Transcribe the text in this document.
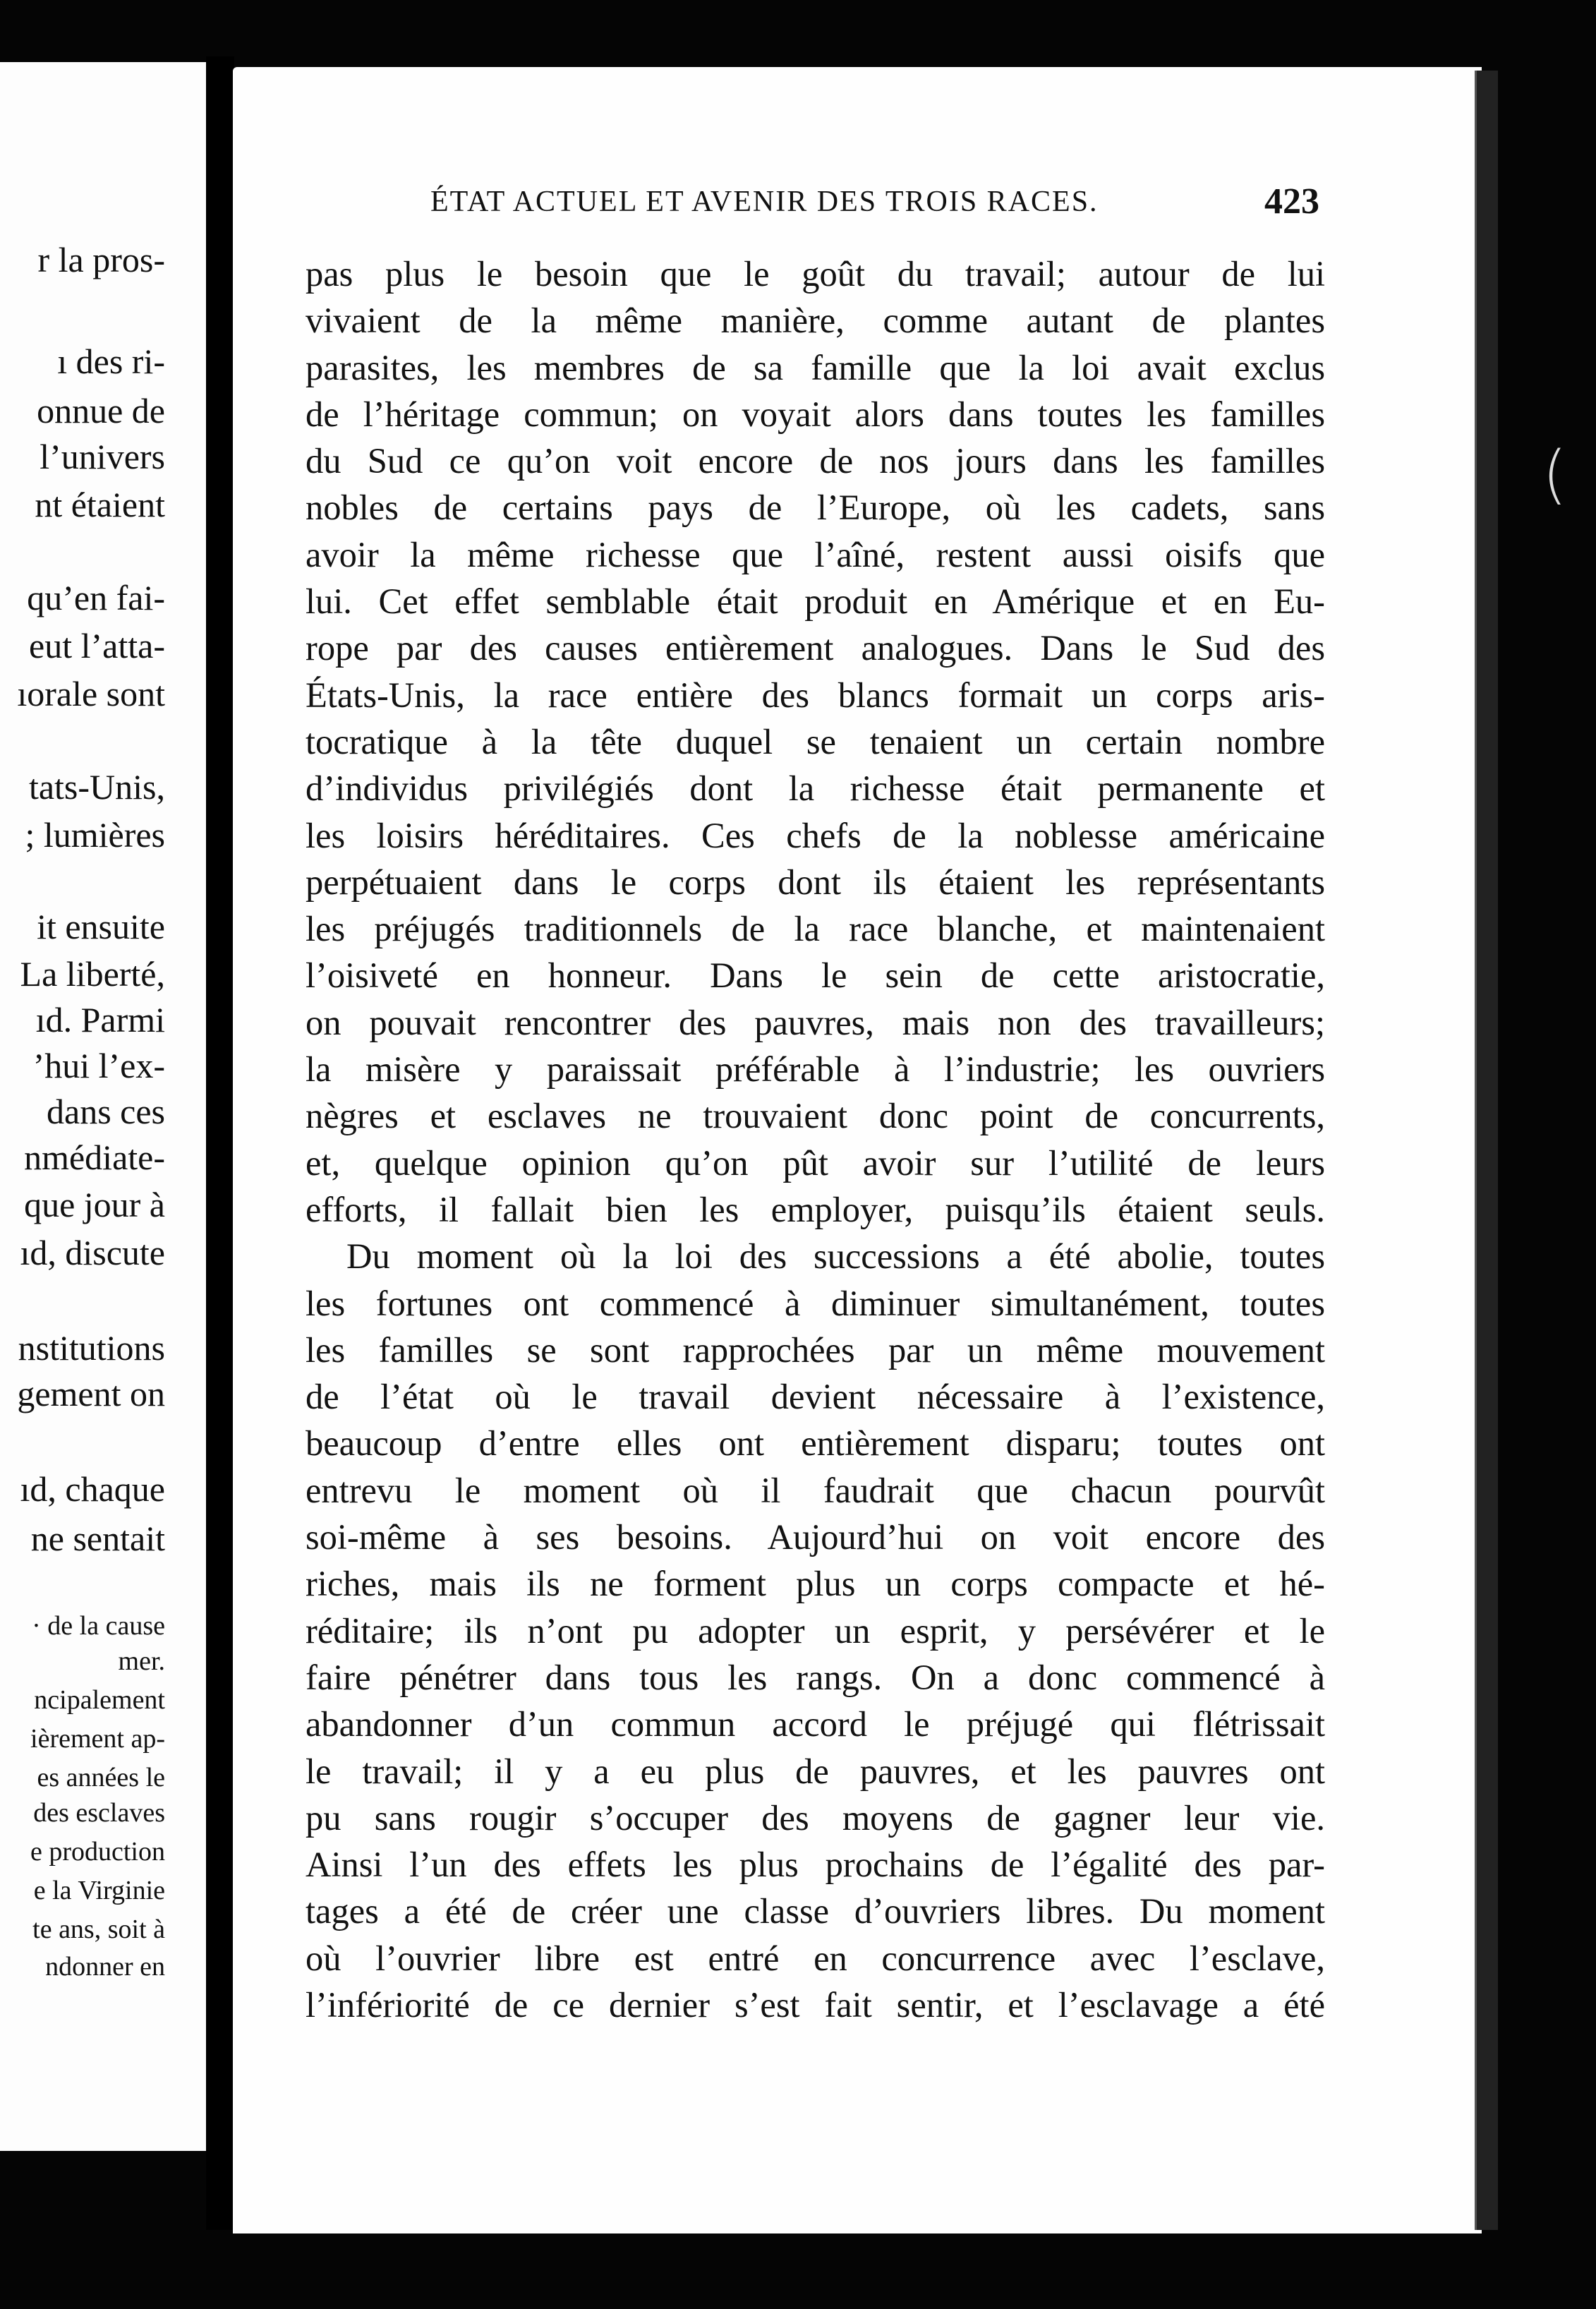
r la pros-
ı des ri-
onnue de
l’univers
nt étaient
qu’en fai-
eut l’atta-
ıorale sont
tats-Unis,
; lumières
it ensuite
La liberté,
ıd. Parmi
’hui l’ex-
dans ces
nmédiate-
que jour à
ıd, discute
nstitutions
gement on
ıd, chaque
ne sentait
· de la cause
mer.
ncipalement
ièrement ap-
es années le
des esclaves
e production
e la Virginie
te ans, soit à
ndonner en
(
ÉTAT ACTUEL ET AVENIR DES TROIS RACES.	423
pas plus le besoin que le goût du travail; autour de lui
vivaient de la même manière, comme autant de plantes
parasites, les membres de sa famille que la loi avait exclus
de l’héritage commun; on voyait alors dans toutes les familles
du Sud ce qu’on voit encore de nos jours dans les familles
nobles de certains pays de l’Europe, où les cadets, sans
avoir la même richesse que l’aîné, restent aussi oisifs que
lui. Cet effet semblable était produit en Amérique et en Eu-
rope par des causes entièrement analogues. Dans le Sud des
États-Unis, la race entière des blancs formait un corps aris-
tocratique à la tête duquel se tenaient un certain nombre
d’individus privilégiés dont la richesse était permanente et
les loisirs héréditaires. Ces chefs de la noblesse américaine
perpétuaient dans le corps dont ils étaient les représentants
les préjugés traditionnels de la race blanche, et maintenaient
l’oisiveté en honneur. Dans le sein de cette aristocratie,
on pouvait rencontrer des pauvres, mais non des travailleurs;
la misère y paraissait préférable à l’industrie; les ouvriers
nègres et esclaves ne trouvaient donc point de concurrents,
et, quelque opinion qu’on pût avoir sur l’utilité de leurs
efforts, il fallait bien les employer, puisqu’ils étaient seuls.
Du moment où la loi des successions a été abolie, toutes
les fortunes ont commencé à diminuer simultanément, toutes
les familles se sont rapprochées par un même mouvement
de l’état où le travail devient nécessaire à l’existence,
beaucoup d’entre elles ont entièrement disparu; toutes ont
entrevu le moment où il faudrait que chacun pourvût
soi-même à ses besoins. Aujourd’hui on voit encore des
riches, mais ils ne forment plus un corps compacte et hé-
réditaire; ils n’ont pu adopter un esprit, y persévérer et le
faire pénétrer dans tous les rangs. On a donc commencé à
abandonner d’un commun accord le préjugé qui flétrissait
le travail; il y a eu plus de pauvres, et les pauvres ont
pu sans rougir s’occuper des moyens de gagner leur vie.
Ainsi l’un des effets les plus prochains de l’égalité des par-
tages a été de créer une classe d’ouvriers libres. Du moment
où l’ouvrier libre est entré en concurrence avec l’esclave,
l’infériorité de ce dernier s’est fait sentir, et l’esclavage a été
